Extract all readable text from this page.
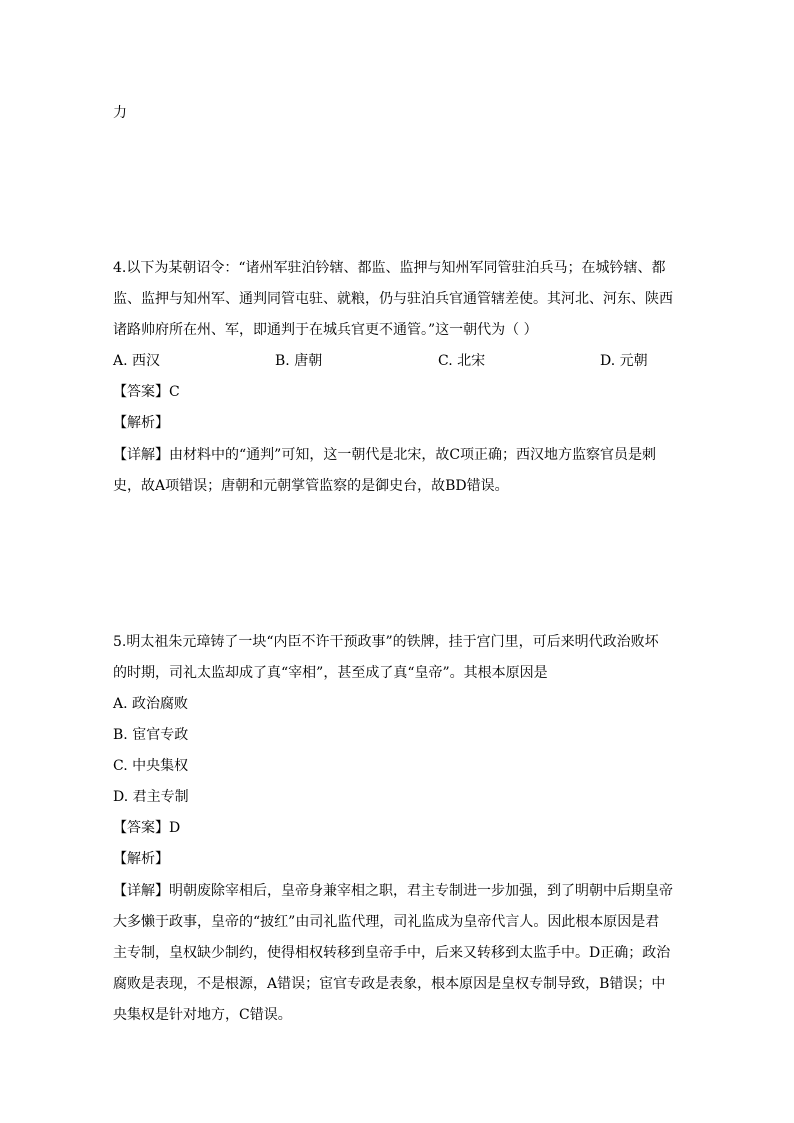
力
4.以下为某朝诏令：“诸州军驻泊钤辖、都监、监押与知州军同管驻泊兵马；在城钤辖、都
监、监押与知州军、通判同管屯驻、就粮，仍与驻泊兵官通管辖差使。其河北、河东、陕西
诸路帅府所在州、军，即通判于在城兵官更不通管。”这一朝代为（ ）
A. 西汉	B. 唐朝	C. 北宋	D. 元朝
【答案】C
【解析】
【详解】由材料中的“通判”可知，这一朝代是北宋，故C项正确；西汉地方监察官员是刺
史，故A项错误；唐朝和元朝掌管监察的是御史台，故BD错误。
5.明太祖朱元璋铸了一块“内臣不许干预政事”的铁牌，挂于宫门里，可后来明代政治败坏
的时期，司礼太监却成了真“宰相”，甚至成了真“皇帝”。其根本原因是
A. 政治腐败
B. 宦官专政
C. 中央集权
D. 君主专制
【答案】D
【解析】
【详解】明朝废除宰相后，皇帝身兼宰相之职，君主专制进一步加强，到了明朝中后期皇帝
大多懒于政事，皇帝的“披红”由司礼监代理，司礼监成为皇帝代言人。因此根本原因是君
主专制，皇权缺少制约，使得相权转移到皇帝手中，后来又转移到太监手中。D正确；政治
腐败是表现，不是根源，A错误；宦官专政是表象，根本原因是皇权专制导致，B错误；中
央集权是针对地方，C错误。
